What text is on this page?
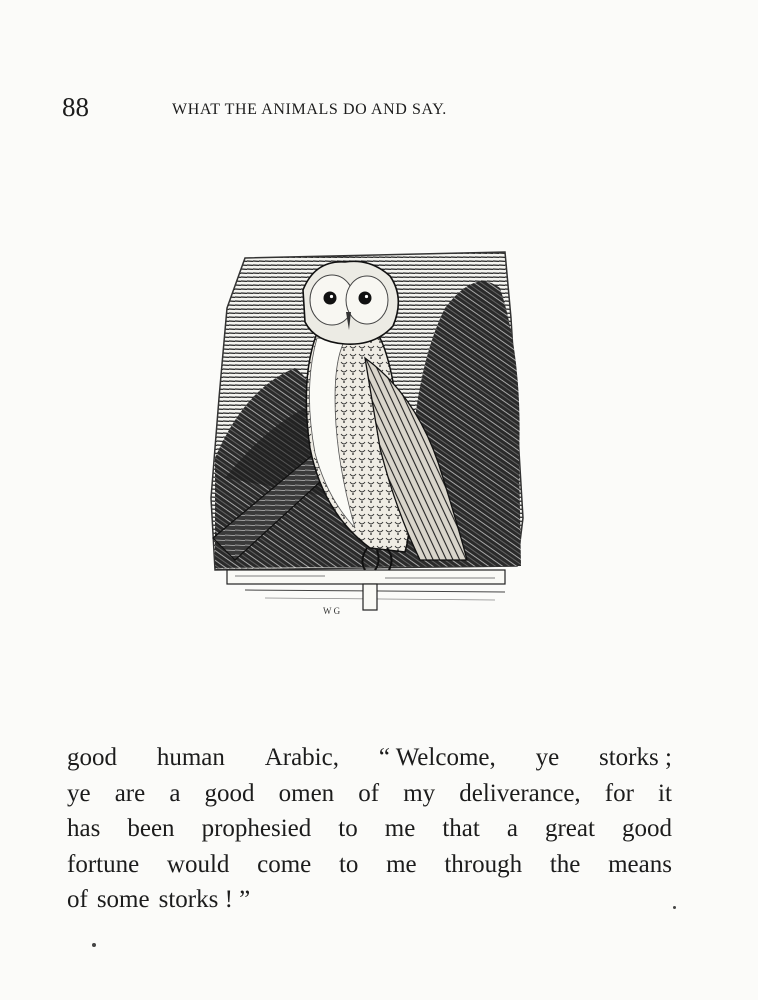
88	WHAT THE ANIMALS DO AND SAY.
W G
good human Arabic, “ Welcome, ye storks ;
ye are a good omen of my deliverance, for it
has been prophesied to me that a great good
fortune would come to me through the means
of some storks ! ”
